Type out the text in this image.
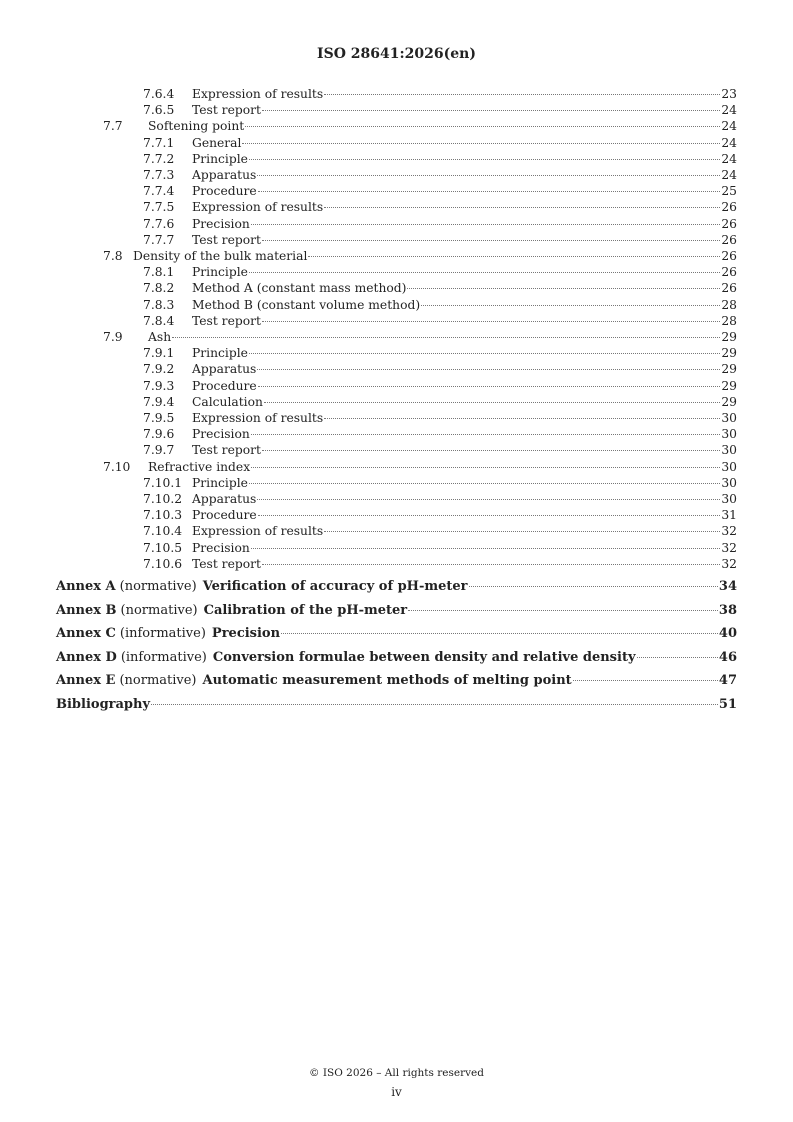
ISO 28641:2026(en)
7.6.4 Expression of results	23
7.6.5 Test report	24
7.7 Softening point	24
7.7.1 General	24
7.7.2 Principle	24
7.7.3 Apparatus	24
7.7.4 Procedure	25
7.7.5 Expression of results	26
7.7.6 Precision	26
7.7.7 Test report	26
7.8 Density of the bulk material	26
7.8.1 Principle	26
7.8.2 Method A (constant mass method)	26
7.8.3 Method B (constant volume method)	28
7.8.4 Test report	28
7.9 Ash	29
7.9.1 Principle	29
7.9.2 Apparatus	29
7.9.3 Procedure	29
7.9.4 Calculation	29
7.9.5 Expression of results	30
7.9.6 Precision	30
7.9.7 Test report	30
7.10 Refractive index	30
7.10.1 Principle	30
7.10.2 Apparatus	30
7.10.3 Procedure	31
7.10.4 Expression of results	32
7.10.5 Precision	32
7.10.6 Test report	32
Annex A (normative) Verification of accuracy of pH-meter	34
Annex B (normative) Calibration of the pH-meter	38
Annex C (informative) Precision	40
Annex D (informative) Conversion formulae between density and relative density	46
Annex E (normative) Automatic measurement methods of melting point	47
Bibliography	51
© ISO 2026 – All rights reserved
iv
